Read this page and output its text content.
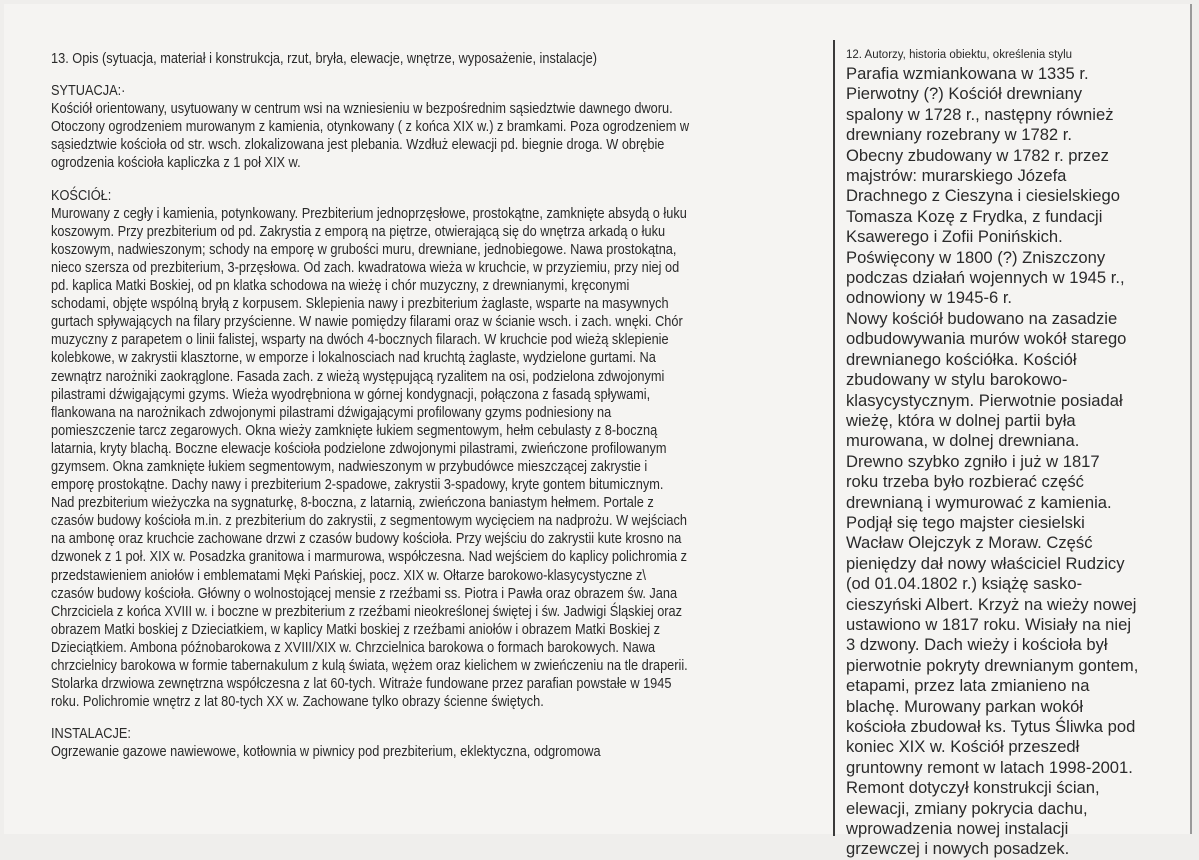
13. Opis (sytuacja, materiał i konstrukcja, rzut, bryła, elewacje, wnętrze, wyposażenie, instalacje)
SYTUACJA:·
Kościół orientowany, usytuowany w centrum wsi na wzniesieniu w bezpośrednim sąsiedztwie dawnego dworu.
Otoczony ogrodzeniem murowanym z kamienia, otynkowany ( z końca XIX w.) z bramkami. Poza ogrodzeniem w
sąsiedztwie kościoła od str. wsch. zlokalizowana jest plebania. Wzdłuż elewacji pd. biegnie droga. W obrębie
ogrodzenia kościoła kapliczka z 1 poł XIX w.
KOŚCIÓŁ:
Murowany z cegły i kamienia, potynkowany. Prezbiterium jednoprzęsłowe, prostokątne, zamknięte absydą o łuku
koszowym. Przy prezbiterium od pd. Zakrystia z emporą na piętrze, otwierającą się do wnętrza arkadą o łuku
koszowym, nadwieszonym; schody na emporę w grubości muru, drewniane, jednobiegowe. Nawa prostokątna,
nieco szersza od prezbiterium, 3-przęsłowa. Od zach. kwadratowa wieża w kruchcie, w przyziemiu, przy niej od
pd. kaplica Matki Boskiej, od pn klatka schodowa na wieżę i chór muzyczny, z drewnianymi, kręconymi
schodami, objęte wspólną bryłą z korpusem. Sklepienia nawy i prezbiterium żaglaste, wsparte na masywnych
gurtach spływających na filary przyścienne. W nawie pomiędzy filarami oraz w ścianie wsch. i zach. wnęki. Chór
muzyczny z parapetem o linii falistej, wsparty na dwóch 4-bocznych filarach. W kruchcie pod wieżą sklepienie
kolebkowe, w zakrystii klasztorne, w emporze i lokalnosciach nad kruchtą żaglaste, wydzielone gurtami. Na
zewnątrz narożniki zaokrąglone. Fasada zach. z wieżą występującą ryzalitem na osi, podzielona zdwojonymi
pilastrami dźwigającymi gzyms. Wieża wyodrębniona w górnej kondygnacji, połączona z fasadą spływami,
flankowana na narożnikach zdwojonymi pilastrami dźwigającymi profilowany gzyms podniesiony na
pomieszczenie tarcz zegarowych. Okna wieży zamknięte łukiem segmentowym, hełm cebulasty z 8-boczną
latarnia, kryty blachą. Boczne elewacje kościoła podzielone zdwojonymi pilastrami, zwieńczone profilowanym
gzymsem. Okna zamknięte łukiem segmentowym, nadwieszonym w przybudówce mieszczącej zakrystie i
emporę prostokątne. Dachy nawy i prezbiterium 2-spadowe, zakrystii 3-spadowy, kryte gontem bitumicznym.
Nad prezbiterium wieżyczka na sygnaturkę, 8-boczna, z latarnią, zwieńczona baniastym hełmem. Portale z
czasów budowy kościoła m.in. z prezbiterium do zakrystii, z segmentowym wycięciem na nadprożu. W wejściach
na ambonę oraz kruchcie zachowane drzwi z czasów budowy kościoła. Przy wejściu do zakrystii kute krosno na
dzwonek z 1 poł. XIX w. Posadzka granitowa i marmurowa, współczesna. Nad wejściem do kaplicy polichromia z
przedstawieniem aniołów i emblematami Męki Pańskiej, pocz. XIX w. Ołtarze barokowo-klasycystyczne z\
czasów budowy kościoła. Główny o wolnostojącej mensie z rzeźbami ss. Piotra i Pawła oraz obrazem św. Jana
Chrzciciela z końca XVIII w. i boczne w prezbiterium z rzeźbami nieokreślonej świętej i św. Jadwigi Śląskiej oraz
obrazem Matki boskiej z Dzieciatkiem, w kaplicy Matki boskiej z rzeźbami aniołów i obrazem Matki Boskiej z
Dzieciątkiem. Ambona późnobarokowa z XVIII/XIX w. Chrzcielnica barokowa o formach barokowych. Nawa
chrzcielnicy barokowa w formie tabernakulum z kulą świata, wężem oraz kielichem w zwieńczeniu na tle draperii.
Stolarka drzwiowa zewnętrzna współczesna z lat 60-tych. Witraże fundowane przez parafian powstałe w 1945
roku. Polichromie wnętrz z lat 80-tych XX w. Zachowane tylko obrazy ścienne świętych.
INSTALACJE:
Ogrzewanie gazowe nawiewowe, kotłownia w piwnicy pod prezbiterium, eklektyczna, odgromowa
12. Autorzy, historia obiektu, określenia stylu
Parafia wzmiankowana w 1335 r.
Pierwotny (?) Kościół drewniany
spalony w 1728 r., następny również
drewniany rozebrany w 1782 r.
Obecny zbudowany w 1782 r. przez
majstrów: murarskiego Józefa
Drachnego z Cieszyna i ciesielskiego
Tomasza Kozę z Frydka, z fundacji
Ksawerego i Zofii Ponińskich.
Poświęcony w 1800 (?) Zniszczony
podczas działań wojennych w 1945 r.,
odnowiony w 1945-6 r.
Nowy kościół budowano na zasadzie
odbudowywania murów wokół starego
drewnianego kościółka. Kościół
zbudowany w stylu barokowo-
klasycystycznym. Pierwotnie posiadał
wieżę, która w dolnej partii była
murowana, w dolnej drewniana.
Drewno szybko zgniło i już w 1817
roku trzeba było rozbierać część
drewnianą i wymurować z kamienia.
Podjął się tego majster ciesielski
Wacław Olejczyk z Moraw. Część
pieniędzy dał nowy właściciel Rudzicy
(od 01.04.1802 r.) książę sasko-
cieszyński Albert. Krzyż na wieży nowej
ustawiono w 1817 roku. Wisiały na niej
3 dzwony. Dach wieży i kościoła był
pierwotnie pokryty drewnianym gontem,
etapami, przez lata zmianieno na
blachę. Murowany parkan wokół
kościoła zbudował ks. Tytus Śliwka pod
koniec XIX w. Kościół przeszedł
gruntowny remont w latach 1998-2001.
Remont dotyczył konstrukcji ścian,
elewacji, zmiany pokrycia dachu,
wprowadzenia nowej instalacji
grzewczej i nowych posadzek.
